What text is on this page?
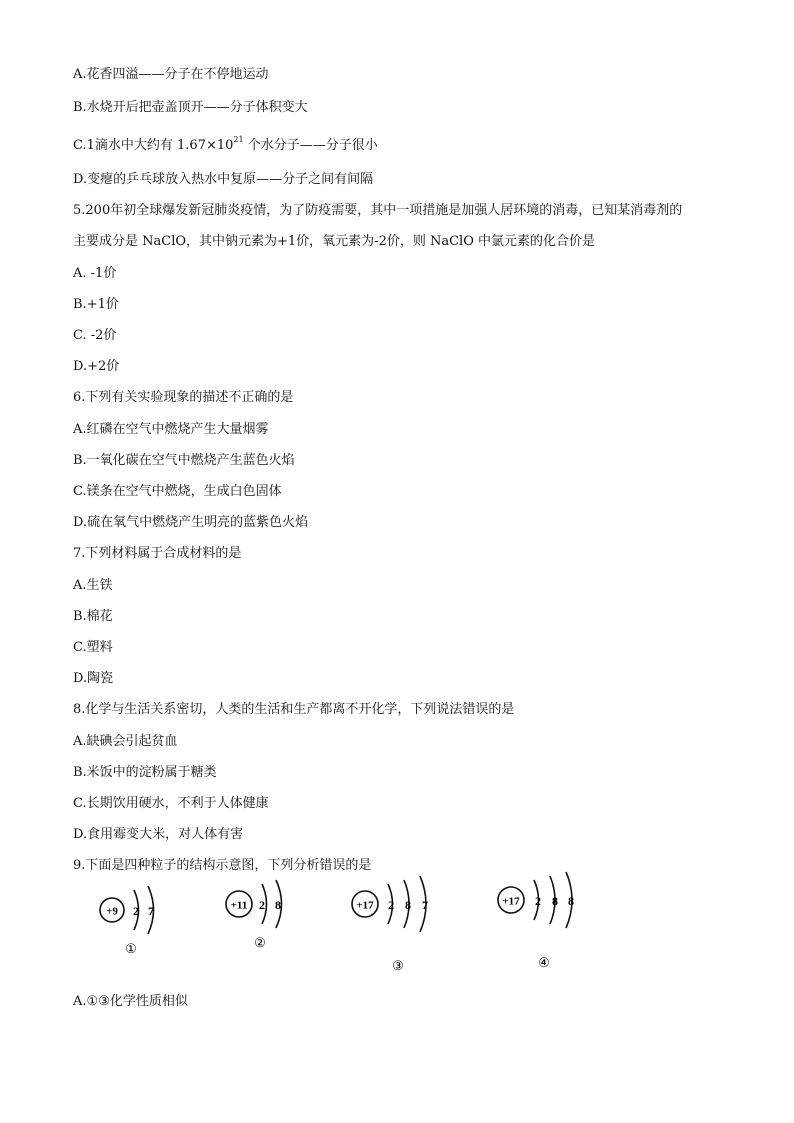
A.花香四溢——分子在不停地运动
B.水烧开后把壶盖顶开——分子体积变大
C.1滴水中大约有 $1.67\times 10^{21}$ 个水分子——分子很小
D.变瘪的乒乓球放入热水中复原——分子之间有间隔
5.200年初全球爆发新冠肺炎疫情，为了防疫需要，其中一项措施是加强人居环境的消毒，已知某消毒剂的
主要成分是 NaClO，其中钠元素为+1价，氧元素为-2价，则 NaClO 中氯元素的化合价是
A. -1价
B.+1价
C. -2价
D.+2价
6.下列有关实验现象的描述不正确的是
A.红磷在空气中燃烧产生大量烟雾
B.一氧化碳在空气中燃烧产生蓝色火焰
C.镁条在空气中燃烧，生成白色固体
D.硫在氧气中燃烧产生明亮的蓝紫色火焰
7.下列材料属于合成材料的是
A.生铁
B.棉花
C.塑料
D.陶瓷
8.化学与生活关系密切，人类的生活和生产都离不开化学，下列说法错误的是
A.缺碘会引起贫血
B.米饭中的淀粉属于糖类
C.长期饮用硬水，不利于人体健康
D.食用霉变大米，对人体有害
9.下面是四种粒子的结构示意图，下列分析错误的是
+9 2 7
①
+11 2 8
②
+17 2 8 7
③
+17 2 8 8
④
A.①③化学性质相似
